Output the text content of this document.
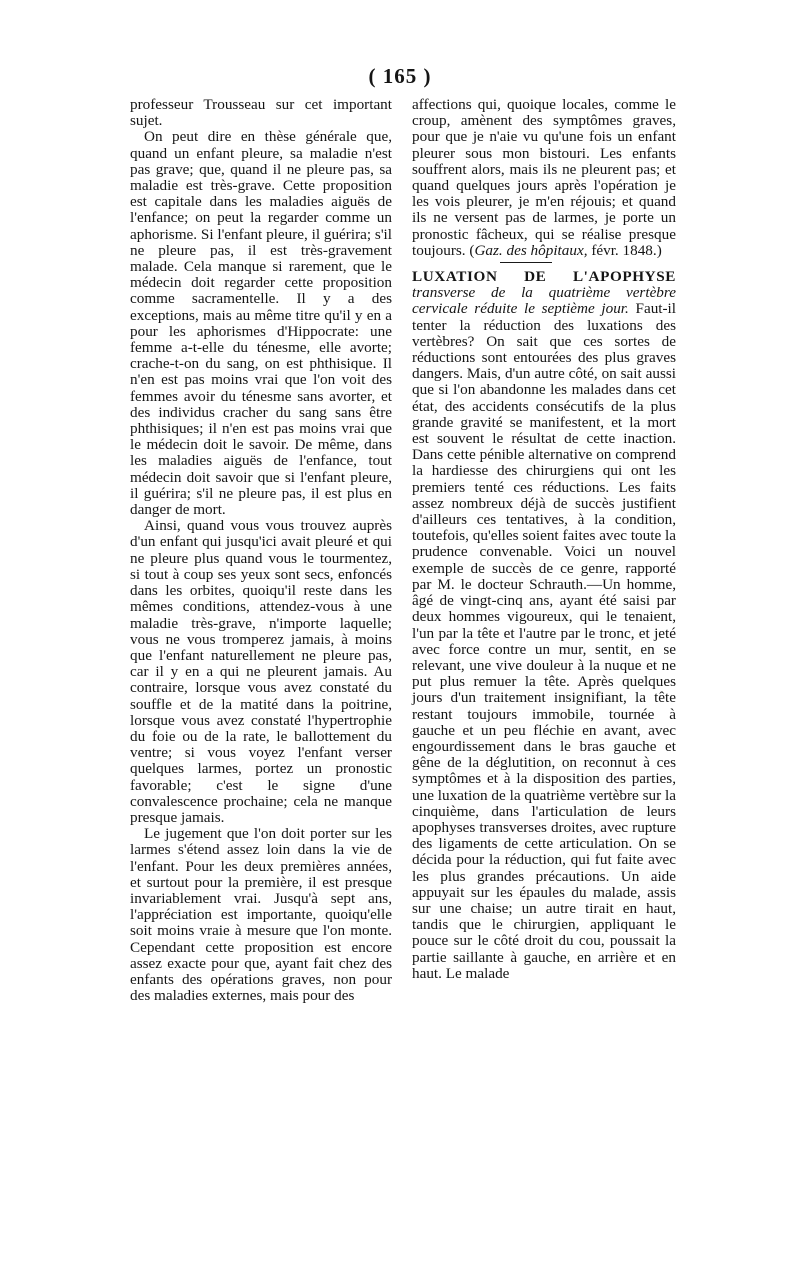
( 165 )

professeur Trousseau sur cet important sujet.

On peut dire en thèse générale que, quand un enfant pleure, sa maladie n'est pas grave; que, quand il ne pleure pas, sa maladie est très-grave. Cette proposition est capitale dans les maladies aiguës de l'enfance; on peut la regarder comme un aphorisme. Si l'enfant pleure, il guérira; s'il ne pleure pas, il est très-gravement malade. Cela manque si rarement, que le médecin doit regarder cette proposition comme sacramentelle. Il y a des exceptions, mais au même titre qu'il y en a pour les aphorismes d'Hippocrate: une femme a-t-elle du ténesme, elle avorte; crache-t-on du sang, on est phthisique. Il n'en est pas moins vrai que l'on voit des femmes avoir du ténesme sans avorter, et des individus cracher du sang sans être phthisiques; il n'en est pas moins vrai que le médecin doit le savoir. De même, dans les maladies aiguës de l'enfance, tout médecin doit savoir que si l'enfant pleure, il guérira; s'il ne pleure pas, il est plus en danger de mort.

Ainsi, quand vous vous trouvez auprès d'un enfant qui jusqu'ici avait pleuré et qui ne pleure plus quand vous le tourmentez, si tout à coup ses yeux sont secs, enfoncés dans les orbites, quoiqu'il reste dans les mêmes conditions, attendez-vous à une maladie très-grave, n'importe laquelle; vous ne vous tromperez jamais, à moins que l'enfant naturellement ne pleure pas, car il y en a qui ne pleurent jamais. Au contraire, lorsque vous avez constaté du souffle et de la matité dans la poitrine, lorsque vous avez constaté l'hypertrophie du foie ou de la rate, le ballottement du ventre; si vous voyez l'enfant verser quelques larmes, portez un pronostic favorable; c'est le signe d'une convalescence prochaine; cela ne manque presque jamais.

Le jugement que l'on doit porter sur les larmes s'étend assez loin dans la vie de l'enfant. Pour les deux premières années, et surtout pour la première, il est presque invariablement vrai. Jusqu'à sept ans, l'appréciation est importante, quoiqu'elle soit moins vraie à mesure que l'on monte. Cependant cette proposition est encore assez exacte pour que, ayant fait chez des enfants des opérations graves, non pour des maladies externes, mais pour des

affections qui, quoique locales, comme le croup, amènent des symptômes graves, pour que je n'aie vu qu'une fois un enfant pleurer sous mon bistouri. Les enfants souffrent alors, mais ils ne pleurent pas; et quand quelques jours après l'opération je les vois pleurer, je m'en réjouis; et quand ils ne versent pas de larmes, je porte un pronostic fâcheux, qui se réalise presque toujours. (Gaz. des hôpitaux, févr. 1848.)

LUXATION DE L'APOPHYSE transverse de la quatrième vertèbre cervicale réduite le septième jour. Faut-il tenter la réduction des luxations des vertèbres? On sait que ces sortes de réductions sont entourées des plus graves dangers. Mais, d'un autre côté, on sait aussi que si l'on abandonne les malades dans cet état, des accidents consécutifs de la plus grande gravité se manifestent, et la mort est souvent le résultat de cette inaction. Dans cette pénible alternative on comprend la hardiesse des chirurgiens qui ont les premiers tenté ces réductions. Les faits assez nombreux déjà de succès justifient d'ailleurs ces tentatives, à la condition, toutefois, qu'elles soient faites avec toute la prudence convenable. Voici un nouvel exemple de succès de ce genre, rapporté par M. le docteur Schrauth.—Un homme, âgé de vingt-cinq ans, ayant été saisi par deux hommes vigoureux, qui le tenaient, l'un par la tête et l'autre par le tronc, et jeté avec force contre un mur, sentit, en se relevant, une vive douleur à la nuque et ne put plus remuer la tête. Après quelques jours d'un traitement insignifiant, la tête restant toujours immobile, tournée à gauche et un peu fléchie en avant, avec engourdissement dans le bras gauche et gêne de la déglutition, on reconnut à ces symptômes et à la disposition des parties, une luxation de la quatrième vertèbre sur la cinquième, dans l'articulation de leurs apophyses transverses droites, avec rupture des ligaments de cette articulation. On se décida pour la réduction, qui fut faite avec les plus grandes précautions. Un aide appuyait sur les épaules du malade, assis sur une chaise; un autre tirait en haut, tandis que le chirurgien, appliquant le pouce sur le côté droit du cou, poussait la partie saillante à gauche, en arrière et en haut. Le malade
